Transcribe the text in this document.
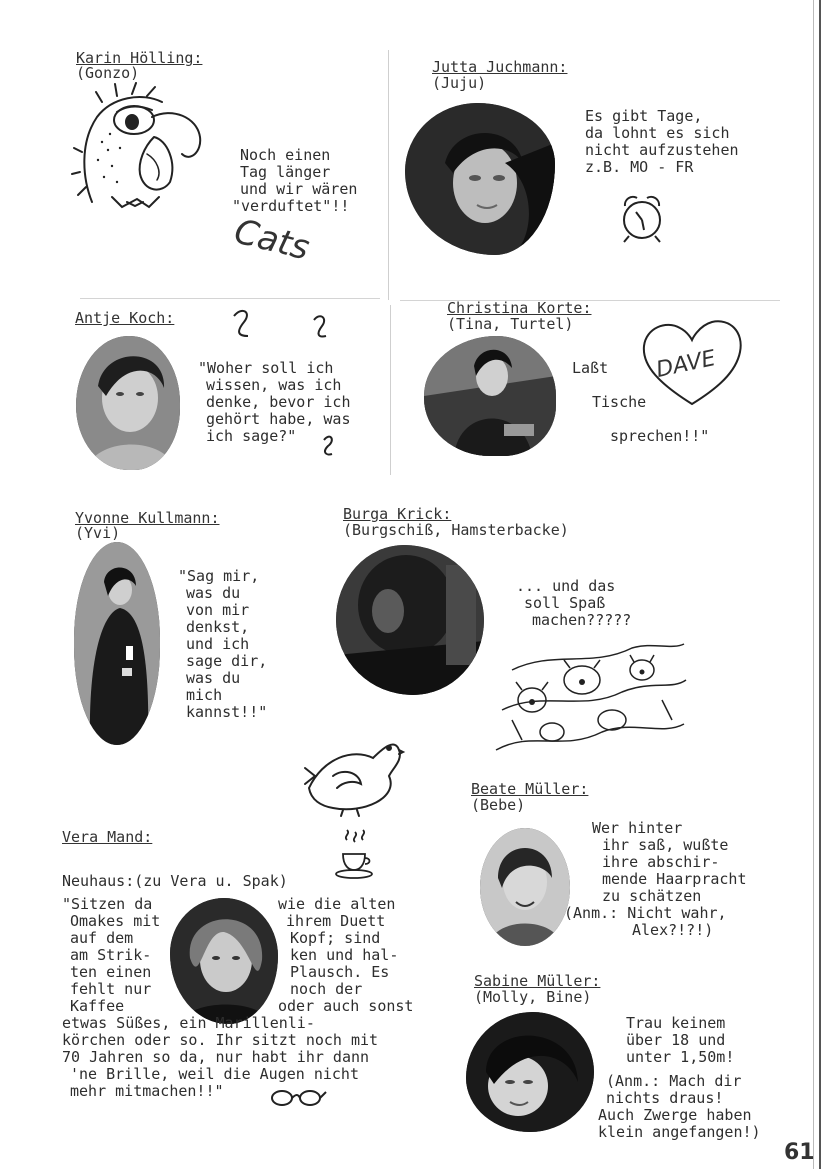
Karin Hölling:
(Gonzo)
Noch einen
Tag länger
und wir wären
"verduftet"!!
Cats
Jutta Juchmann:
(Juju)
Es gibt Tage,
da lohnt es sich
nicht aufzustehen
z.B. MO - FR
Antje Koch:
"Woher soll ich
wissen, was ich
denke, bevor ich
gehört habe, was
ich sage?"
Christina Korte:
(Tina, Turtel)
Laßt
Tische
sprechen!!"
DAVE
Yvonne Kullmann:
(Yvi)
"Sag mir,
was du
von mir
denkst,
und ich
sage dir,
was du
mich
kannst!!"
Burga Krick:
(Burgschiß, Hamsterbacke)
... und das
soll Spaß
machen?????
Beate Müller:
(Bebe)
Wer hinter
ihr saß, wußte
ihre abschir-
mende Haarpracht
zu schätzen
(Anm.: Nicht wahr,
Alex?!?!)
Vera Mand:
Neuhaus:(zu Vera u. Spak)
"Sitzen da
Omakes mit
auf dem
am Strik-
ten einen
fehlt nur
Kaffee
wie die alten
ihrem Duett
Kopf; sind
ken und hal-
Plausch. Es
noch der
oder auch sonst
etwas Süßes, ein Marillenli-
körchen oder so. Ihr sitzt noch mit
70 Jahren so da, nur habt ihr dann
'ne Brille, weil die Augen nicht
mehr mitmachen!!"
Sabine Müller:
(Molly, Bine)
Trau keinem
über 18 und
unter 1,50m!
(Anm.: Mach dir
nichts draus!
Auch Zwerge haben
klein angefangen!)
61
